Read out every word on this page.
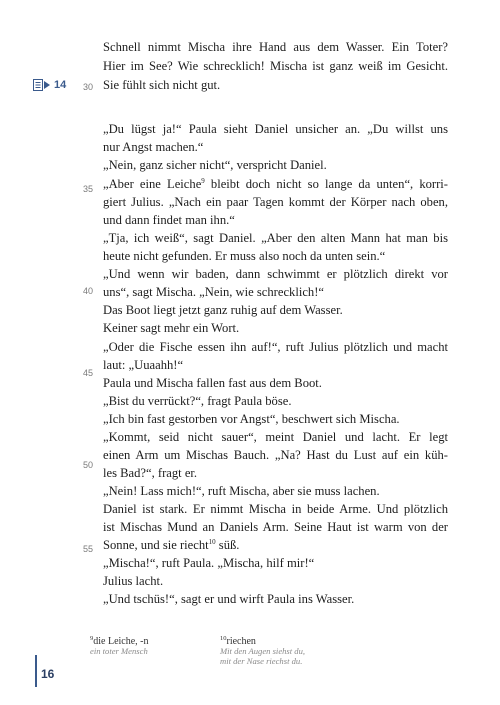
14 30
35
40
45
50
55
Schnell nimmt Mischa ihre Hand aus dem Wasser. Ein Toter?
Hier im See? Wie schrecklich! Mischa ist ganz weiß im Gesicht.
Sie fühlt sich nicht gut.
„Du lügst ja!“ Paula sieht Daniel unsicher an. „Du willst uns
nur Angst machen.“
„Nein, ganz sicher nicht“, verspricht Daniel.
„Aber eine Leiche$^9$ bleibt doch nicht so lange da unten“, korri-
giert Julius. „Nach ein paar Tagen kommt der Körper nach oben,
und dann findet man ihn.“
„Tja, ich weiß“, sagt Daniel. „Aber den alten Mann hat man bis
heute nicht gefunden. Er muss also noch da unten sein.“
„Und wenn wir baden, dann schwimmt er plötzlich direkt vor
uns“, sagt Mischa. „Nein, wie schrecklich!“
Das Boot liegt jetzt ganz ruhig auf dem Wasser.
Keiner sagt mehr ein Wort.
„Oder die Fische essen ihn auf!“, ruft Julius plötzlich und macht
laut: „Uuaahh!“
Paula und Mischa fallen fast aus dem Boot.
„Bist du verrückt?“, fragt Paula böse.
„Ich bin fast gestorben vor Angst“, beschwert sich Mischa.
„Kommt, seid nicht sauer“, meint Daniel und lacht. Er legt
einen Arm um Mischas Bauch. „Na? Hast du Lust auf ein küh-
les Bad?“, fragt er.
„Nein! Lass mich!“, ruft Mischa, aber sie muss lachen.
Daniel ist stark. Er nimmt Mischa in beide Arme. Und plötzlich
ist Mischas Mund an Daniels Arm. Seine Haut ist warm von der
Sonne, und sie riecht$^{10}$ süß.
„Mischa!“, ruft Paula. „Mischa, hilf mir!“
Julius lacht.
„Und tschüs!“, sagt er und wirft Paula ins Wasser.
$^9$die Leiche, -n
ein toter Mensch
$^{10}$riechen
Mit den Augen siehst du,
mit der Nase riechst du.
16
